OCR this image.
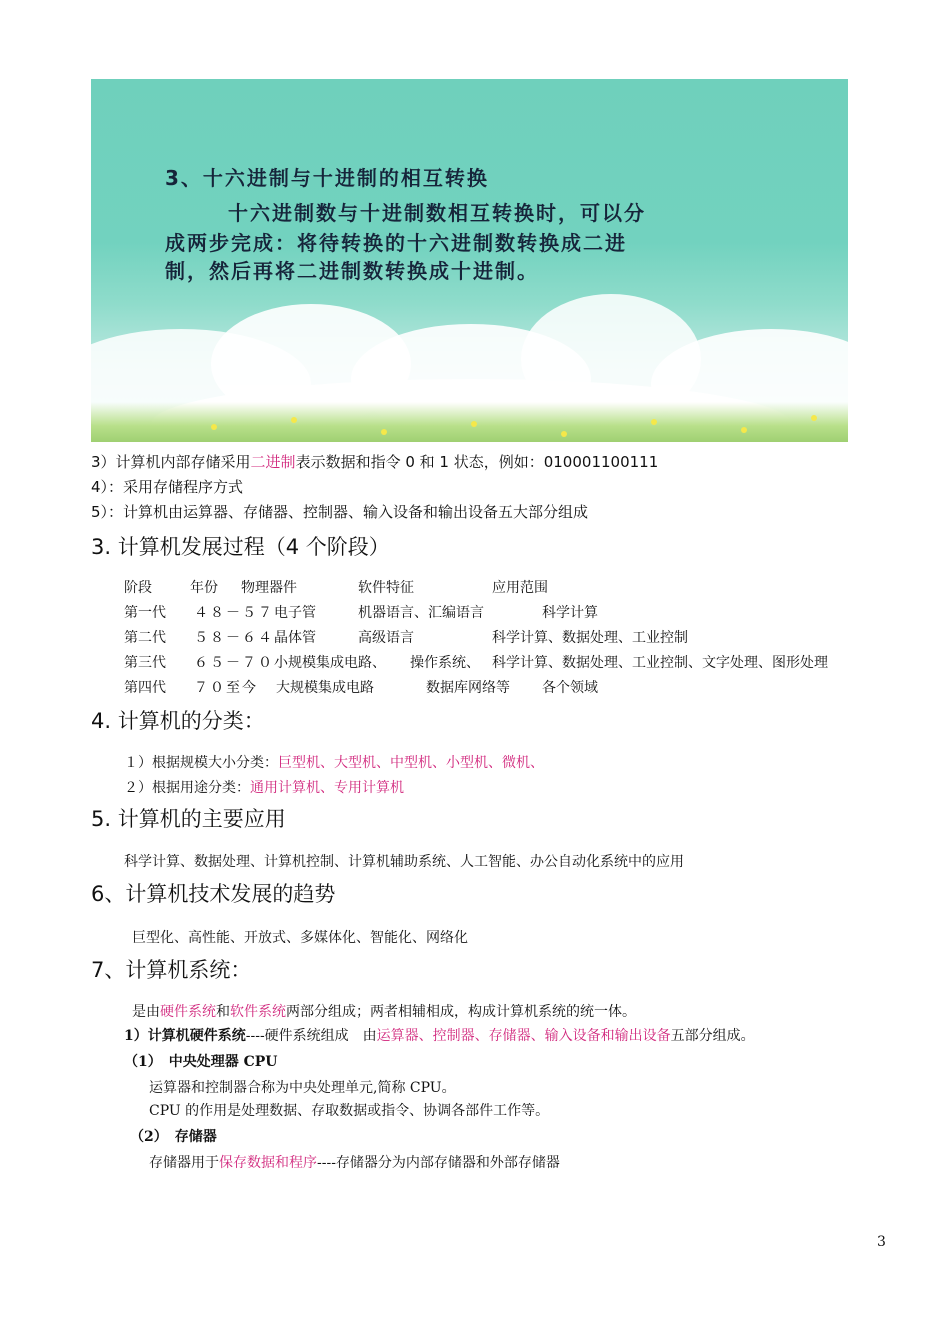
3、十六进制与十进制的相互转换
十六进制数与十进制数相互转换时，可以分
成两步完成：将待转换的十六进制数转换成二进
制，然后再将二进制数转换成十进制。
3）计算机内部存储采用二进制表示数据和指令 0 和 1 状态，例如：010001100111
4）：采用存储程序方式
5）：计算机由运算器、存储器、控制器、输入设备和输出设备五大部分组成
3. 计算机发展过程（4 个阶段）
阶段	年份 物理器件	软件特征	应用范围
第一代 ４８－５７ 电子管	机器语言、汇编语言	科学计算
第二代 ５８－６４ 晶体管	高级语言	科学计算、数据处理、工业控制
第三代 ６５－７０ 小规模集成电路、 操作系统、 科学计算、数据处理、工业控制、文字处理、图形处理
第四代 ７０至今 大规模集成电路	数据库网络等 各个领域
4. 计算机的分类：
１）根据规模大小分类：巨型机、大型机、中型机、小型机、微机、
２）根据用途分类：通用计算机、专用计算机
5. 计算机的主要应用
科学计算、数据处理、计算机控制、计算机辅助系统、人工智能、办公自动化系统中的应用
6、计算机技术发展的趋势
巨型化、高性能、开放式、多媒体化、智能化、网络化
7、计算机系统：
是由硬件系统和软件系统两部分组成；两者相辅相成，构成计算机系统的统一体。
1）计算机硬件系统----硬件系统组成　由运算器、控制器、存储器、输入设备和输出设备五部分组成。
（1）　中央处理器 CPU
运算器和控制器合称为中央处理单元,简称 CPU。
CPU 的作用是处理数据、存取数据或指令、协调各部件工作等。
（2）　存储器
存储器用于保存数据和程序----存储器分为内部存储器和外部存储器
3
